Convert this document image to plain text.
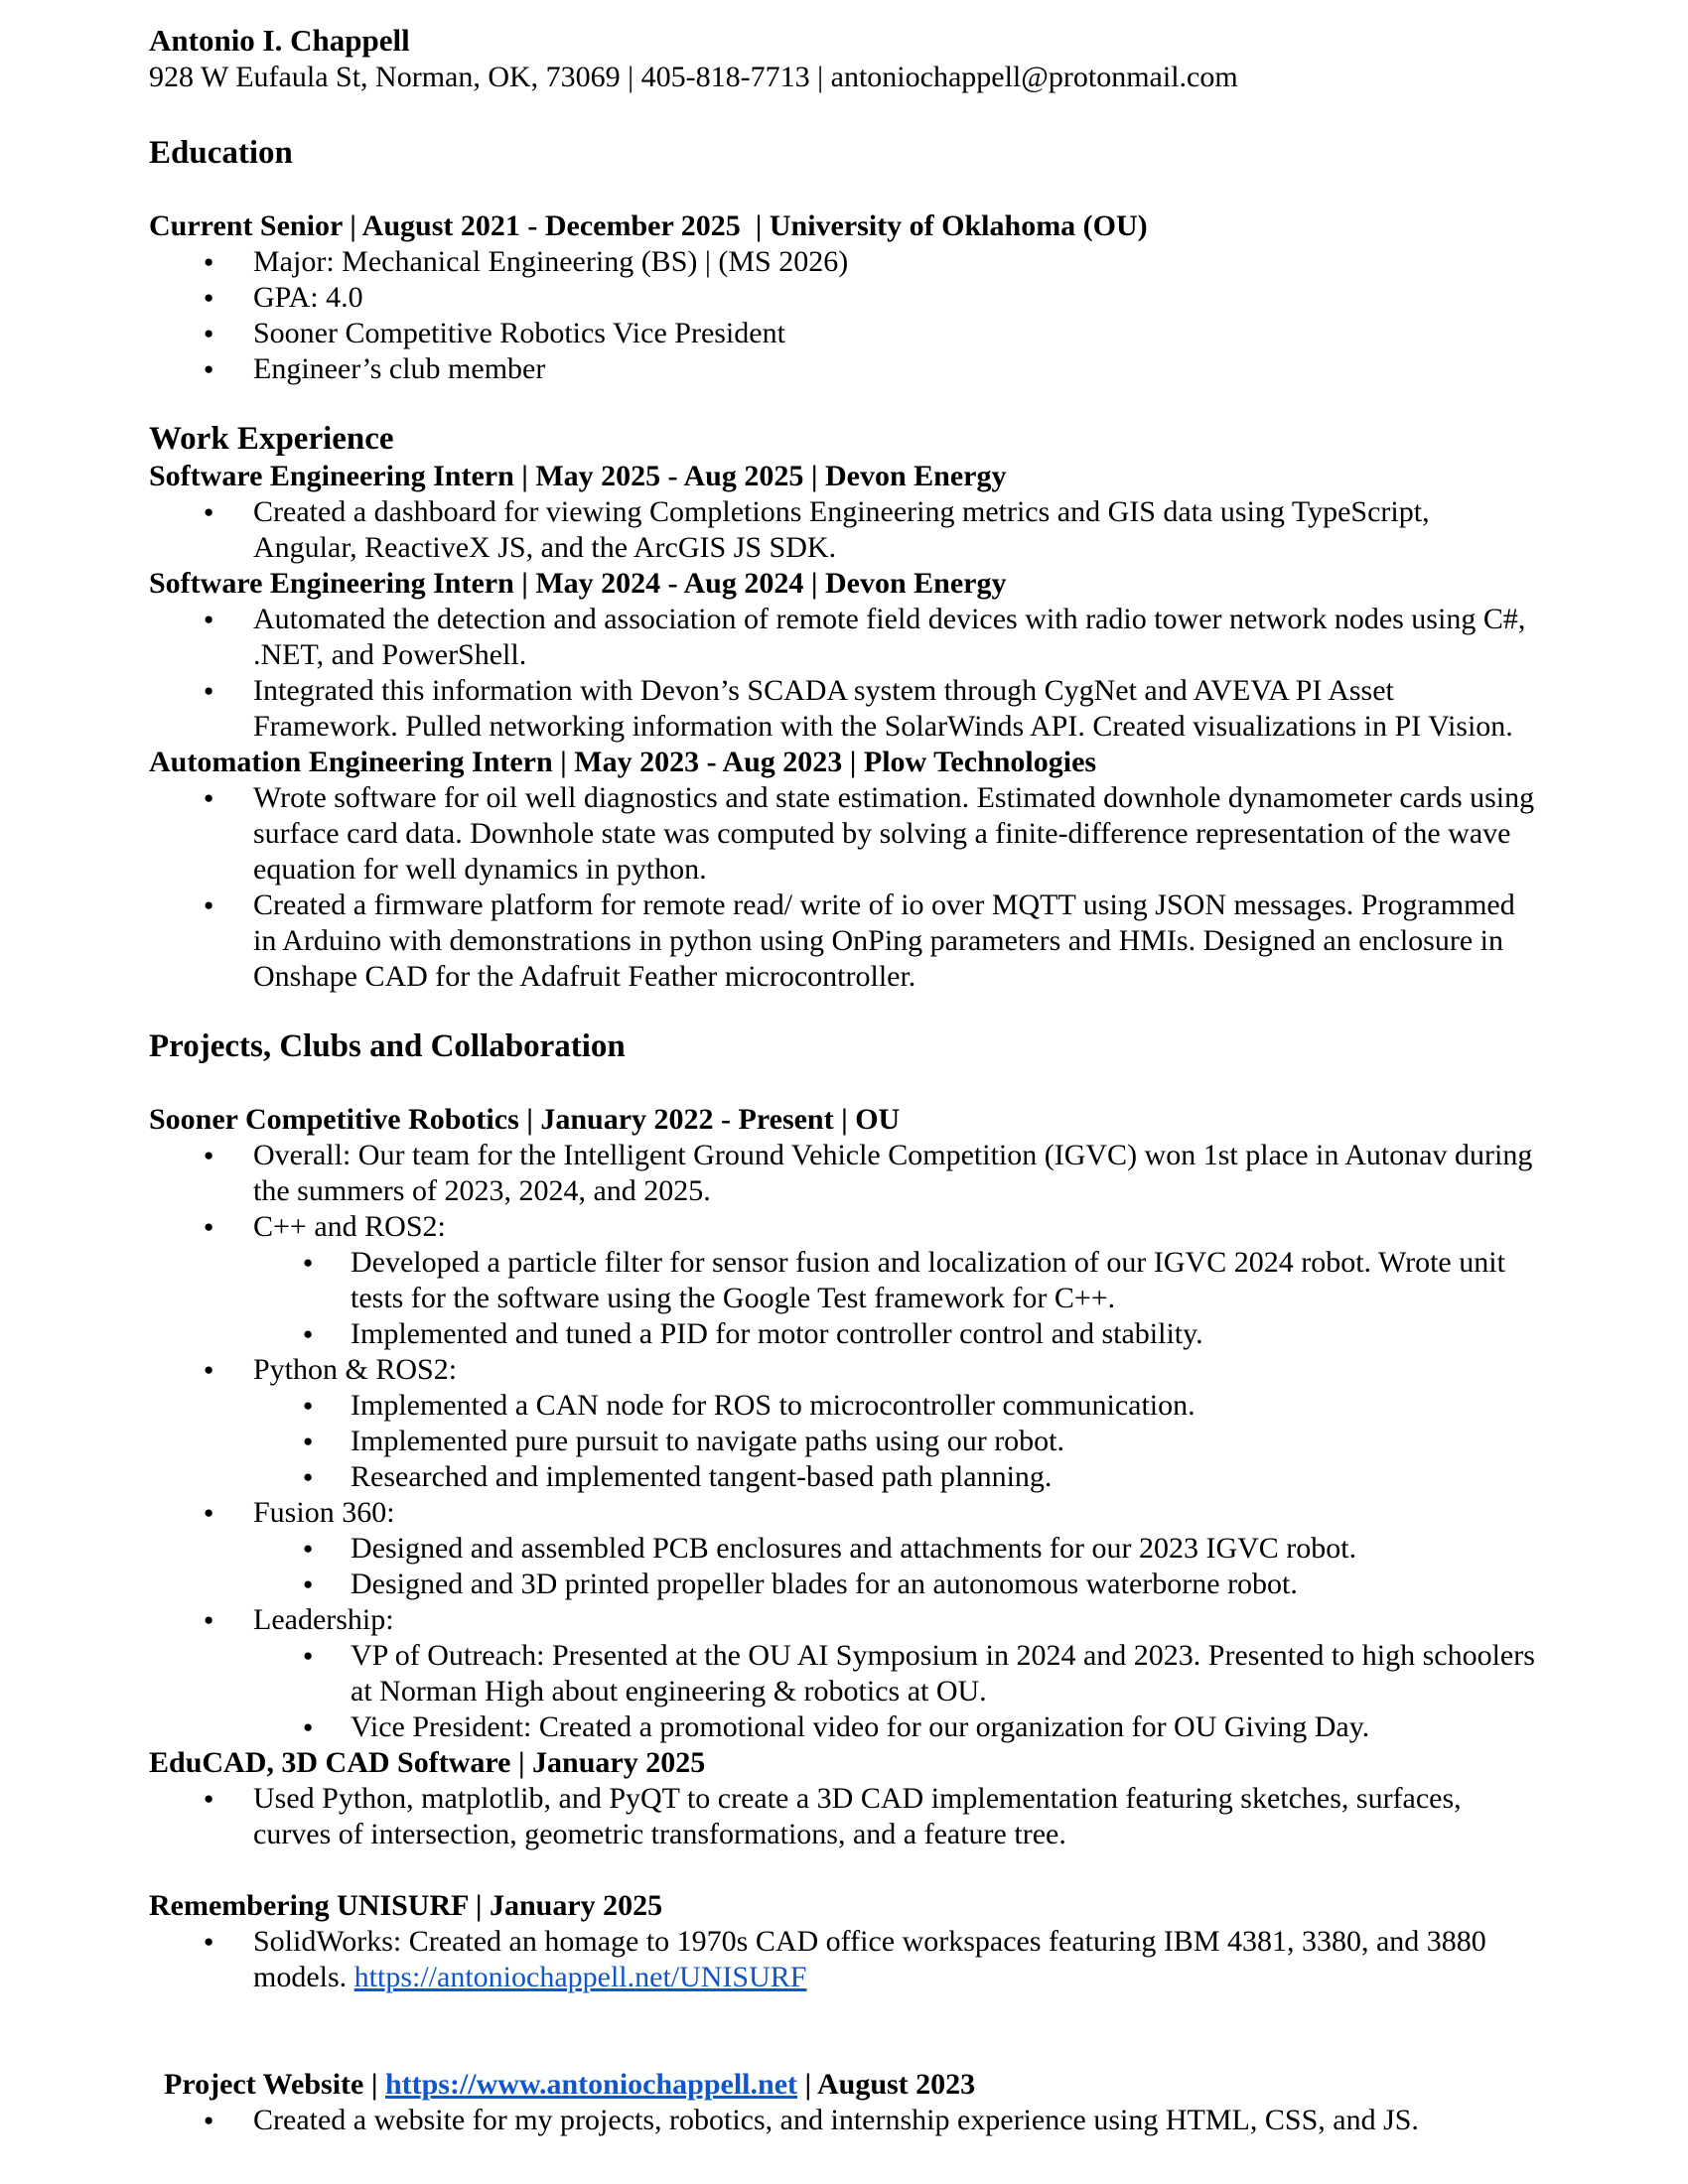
Antonio I. Chappell

928 W Eufaula St, Norman, OK, 73069 | 405-818-7713 | antoniochappell@protonmail.com

Education

Current Senior | August 2021 - December 2025  | University of Oklahoma (OU)

● Major: Mechanical Engineering (BS) | (MS 2026)
● GPA: 4.0
● Sooner Competitive Robotics Vice President
● Engineer’s club member
Work Experience

Software Engineering Intern | May 2025 - Aug 2025 | Devon Energy

● Created a dashboard for viewing Completions Engineering metrics and GIS data using TypeScript, Angular, ReactiveX JS, and the ArcGIS JS SDK.

Software Engineering Intern | May 2024 - Aug 2024 | Devon Energy

● Automated the detection and association of remote field devices with radio tower network nodes using C#, .NET, and PowerShell.
● Integrated this information with Devon’s SCADA system through CygNet and AVEVA PI Asset Framework. Pulled networking information with the SolarWinds API. Created visualizations in PI Vision.

Automation Engineering Intern | May 2023 - Aug 2023 | Plow Technologies

● Wrote software for oil well diagnostics and state estimation. Estimated downhole dynamometer cards using surface card data. Downhole state was computed by solving a finite-difference representation of the wave equation for well dynamics in python.
● Created a firmware platform for remote read/ write of io over MQTT using JSON messages. Programmed in Arduino with demonstrations in python using OnPing parameters and HMIs. Designed an enclosure in Onshape CAD for the Adafruit Feather microcontroller.
Projects, Clubs and Collaboration

Sooner Competitive Robotics | January 2022 - Present | OU

● Overall: Our team for the Intelligent Ground Vehicle Competition (IGVC) won 1st place in Autonav during the summers of 2023, 2024, and 2025.
● C++ and ROS2:
● Developed a particle filter for sensor fusion and localization of our IGVC 2024 robot. Wrote unit tests for the software using the Google Test framework for C++.
● Implemented and tuned a PID for motor controller control and stability.
● Python & ROS2:
● Implemented a CAN node for ROS to microcontroller communication.
● Implemented pure pursuit to navigate paths using our robot.
● Researched and implemented tangent-based path planning.
● Fusion 360:
● Designed and assembled PCB enclosures and attachments for our 2023 IGVC robot.
● Designed and 3D printed propeller blades for an autonomous waterborne robot.
● Leadership:
● VP of Outreach: Presented at the OU AI Symposium in 2024 and 2023. Presented to high schoolers at Norman High about engineering & robotics at OU.
● Vice President: Created a promotional video for our organization for OU Giving Day.

EduCAD, 3D CAD Software | January 2025

● Used Python, matplotlib, and PyQT to create a 3D CAD implementation featuring sketches, surfaces, curves of intersection, geometric transformations, and a feature tree.

Remembering UNISURF | January 2025

● SolidWorks: Created an homage to 1970s CAD office workspaces featuring IBM 4381, 3380, and 3880 models. https://antoniochappell.net/UNISURF

Project Website | https://www.antoniochappell.net | August 2023

● Created a website for my projects, robotics, and internship experience using HTML, CSS, and JS.
